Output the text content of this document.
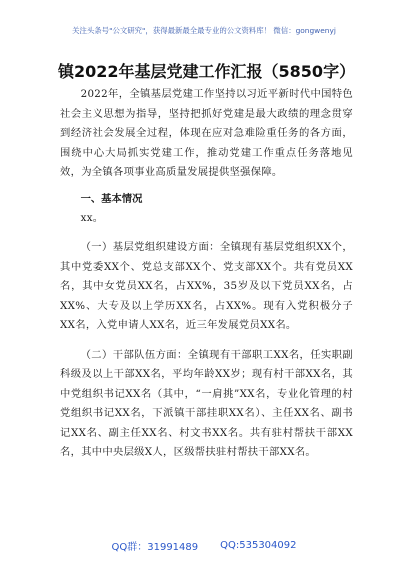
关注头条号"公文研究"，获得最新最全最专业的公文资料库！ 微信：gongwenyj
镇2022年基层党建工作汇报（5850字）

2022年，全镇基层党建工作坚持以习近平新时代中国特色社会主义思想为指导，坚持把抓好党建是最大政绩的理念贯穿到经济社会发展全过程，体现在应对急难险重任务的各方面，围绕中心大局抓实党建工作，推动党建工作重点任务落地见效，为全镇各项事业高质量发展提供坚强保障。

一、基本情况

xx。

（一）基层党组织建设方面：全镇现有基层党组织XX个，其中党委XX个、党总支部XX个、党支部XX个。共有党员XX名，其中女党员XX名，占XX%，35岁及以下党员XX名，占XX%、大专及以上学历XX名，占XX%。现有入党积极分子XX名，入党申请人XX名，近三年发展党员XX名。

（二）干部队伍方面：全镇现有干部职工XX名，任实职副科级及以上干部XX名，平均年龄XX岁；现有村干部XX名，其中党组织书记XX名（其中，“一肩挑”XX名，专业化管理的村党组织书记XX名，下派镇干部挂职XX名）、主任XX名、副书记XX名、副主任XX名、村文书XX名。共有驻村帮扶干部XX名，其中中央层级X人，区级帮扶驻村帮扶干部XX名。

QQ群：31991489 QQ:535304092
